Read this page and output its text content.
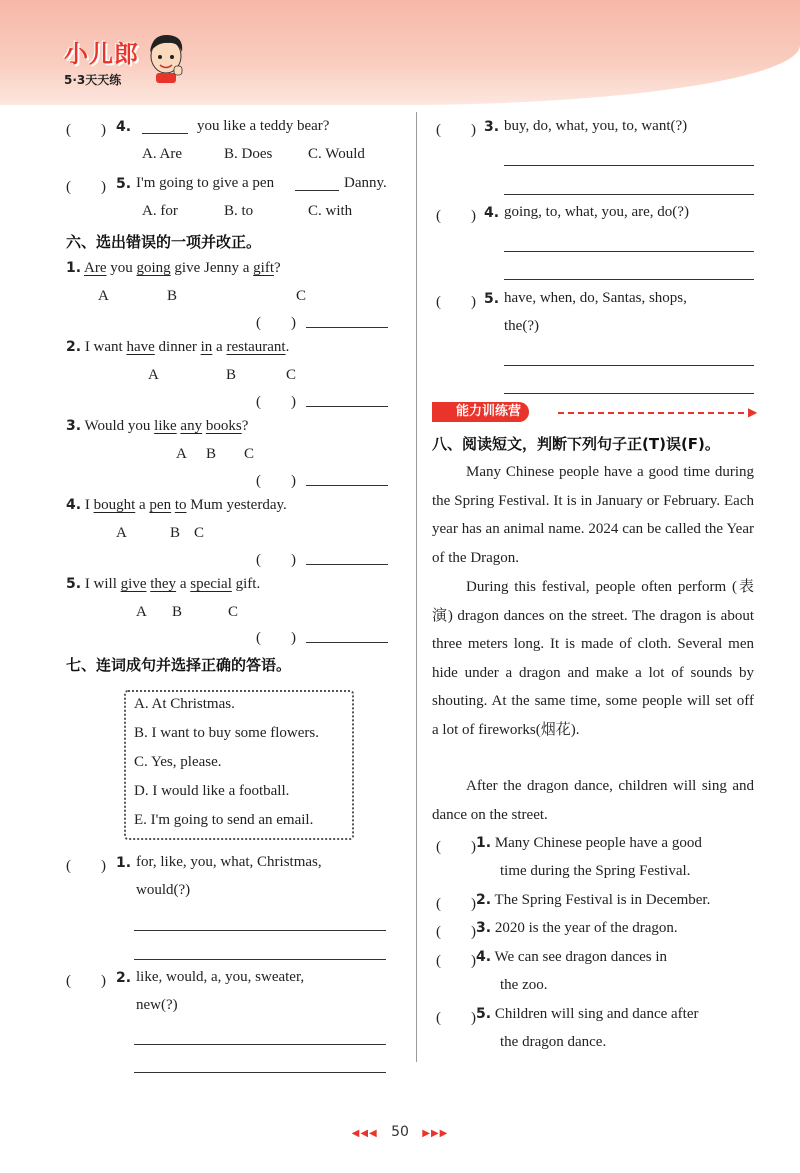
小儿郎
5·3天天练
(　　) 4.	you like a teddy bear?
A. Are	B. Does C. Would
(　　) 5. I'm going to give a pen	Danny.
A. for	B. to	C. with
六、选出错误的一项并改正。
1. Are you going give Jenny a gift?
A	B	C
(　　)
2. I want have dinner in a restaurant.
A	B	C
(　　)
3. Would you like any books?
A B C
(　　)
4. I bought a pen to Mum yesterday.
A	B C
(　　)
5. I will give they a special gift.
A B	C
(　　)
七、连词成句并选择正确的答语。
A. At Christmas.
B. I want to buy some flowers.
C. Yes, please.
D. I would like a football.
E. I'm going to send an email.
(　　) 1. for, like, you, what, Christmas,
would(?)
(　　) 2. like, would, a, you, sweater,
new(?)
(　　) 3. buy, do, what, you, to, want(?)
(　　) 4. going, to, what, you, are, do(?)
(　　) 5. have, when, do, Santas, shops,
the(?)
能力训练营	▶
八、阅读短文，判断下列句子正(T)误(F)。
Many Chinese people have a good time during the Spring Festival. It is in January or February. Each year has an animal name. 2024 can be called the Year of the Dragon.
During this festival, people often perform (表演) dragon dances on the street. The dragon is about three meters long. It is made of cloth. Several men hide under a dragon and make a lot of sounds by shouting. At the same time, some people will set off a lot of fireworks(烟花).
After the dragon dance, children will sing and dance on the street.
(　　) 1. Many Chinese people have a good
time during the Spring Festival.
(　　) 2. The Spring Festival is in December.
(　　) 3. 2020 is the year of the dragon.
(　　) 4. We can see dragon dances in
the zoo.
(　　) 5. Children will sing and dance after
the dragon dance.
◀◀◀ 50 ▶▶▶
